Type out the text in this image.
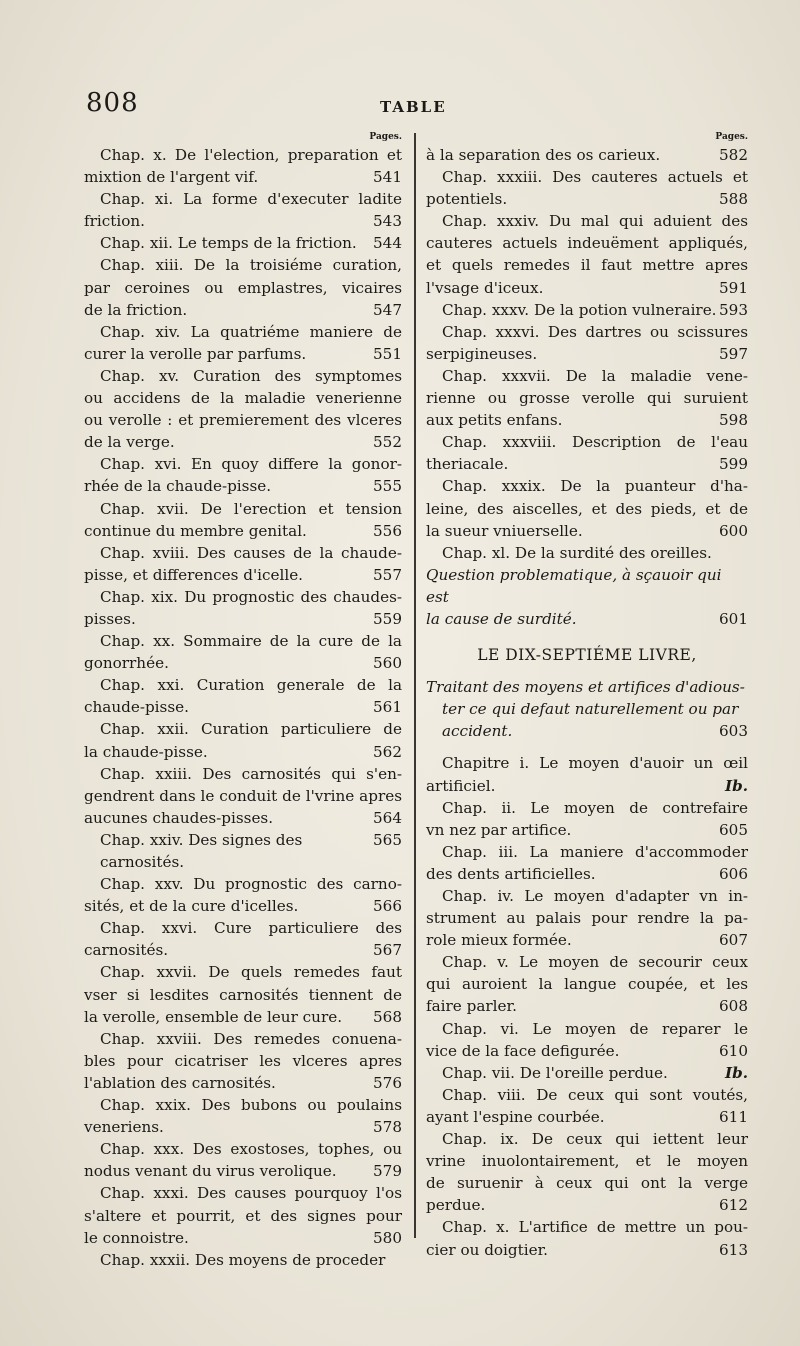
808	TABLE
Pages.
Chap. x. De l'election, preparation et
mixtion de l'argent vif.	541
Chap. xi. La forme d'executer ladite
friction.	543
Chap. xii. Le temps de la friction. 544
Chap. xiii. De la troisiéme curation,
par ceroines ou emplastres, vicaires
de la friction.	547
Chap. xiv. La quatriéme maniere de
curer la verolle par parfums.	551
Chap. xv. Curation des symptomes
ou accidens de la maladie venerienne
ou verolle : et premierement des vlceres
de la verge.	552
Chap. xvi. En quoy differe la gonor-
rhée de la chaude-pisse.	555
Chap. xvii. De l'erection et tension
continue du membre genital.	556
Chap. xviii. Des causes de la chaude-
pisse, et differences d'icelle.	557
Chap. xix. Du prognostic des chaudes-
pisses.	559
Chap. xx. Sommaire de la cure de la
gonorrhée.	560
Chap. xxi. Curation generale de la
chaude-pisse.	561
Chap. xxii. Curation particuliere de
la chaude-pisse.	562
Chap. xxiii. Des carnosités qui s'en-
gendrent dans le conduit de l'vrine apres
aucunes chaudes-pisses.	564
Chap. xxiv. Des signes des carnosités.
565
Chap. xxv. Du prognostic des carno-
sités, et de la cure d'icelles.	566
Chap. xxvi. Cure particuliere des
carnosités.	567
Chap. xxvii. De quels remedes faut
vser si lesdites carnosités tiennent de
la verolle, ensemble de leur cure. 568
Chap. xxviii. Des remedes conuena-
bles pour cicatriser les vlceres apres
l'ablation des carnosités.	576
Chap. xxix. Des bubons ou poulains
veneriens.	578
Chap. xxx. Des exostoses, tophes, ou
nodus venant du virus verolique. 579
Chap. xxxi. Des causes pourquoy l'os
s'altere et pourrit, et des signes pour
le connoistre.	580
Chap. xxxii. Des moyens de proceder
Pages.
à la separation des os carieux.	582
Chap. xxxiii. Des cauteres actuels et
potentiels.	588
Chap. xxxiv. Du mal qui aduient des
cauteres actuels indeuëment appliqués,
et quels remedes il faut mettre apres
l'vsage d'iceux.	591
Chap. xxxv. De la potion vulneraire. 593
Chap. xxxvi. Des dartres ou scissures
serpigineuses.	597
Chap. xxxvii. De la maladie vene-
rienne ou grosse verolle qui suruient
aux petits enfans.	598
Chap. xxxviii. Description de l'eau
theriacale.	599
Chap. xxxix. De la puanteur d'ha-
leine, des aiscelles, et des pieds, et de
la sueur vniuerselle.	600
Chap. xl. De la surdité des oreilles.
Question problematique, à sçauoir qui est
la cause de surdité.	601
LE DIX-SEPTIÉME LIVRE,
Traitant des moyens et artifices d'adious-
ter ce qui defaut naturellement ou par
accident.	603
Chapitre i. Le moyen d'auoir un œil
artificiel.	Ib.
Chap. ii. Le moyen de contrefaire
vn nez par artifice.	605
Chap. iii. La maniere d'accommoder
des dents artificielles.	606
Chap. iv. Le moyen d'adapter vn in-
strument au palais pour rendre la pa-
role mieux formée.	607
Chap. v. Le moyen de secourir ceux
qui auroient la langue coupée, et les
faire parler.	608
Chap. vi. Le moyen de reparer le
vice de la face defigurée.	610
Chap. vii. De l'oreille perdue.	Ib.
Chap. viii. De ceux qui sont voutés,
ayant l'espine courbée.	611
Chap. ix. De ceux qui iettent leur
vrine inuolontairement, et le moyen
de suruenir à ceux qui ont la verge
perdue.	612
Chap. x. L'artifice de mettre un pou-
cier ou doigtier.	613
